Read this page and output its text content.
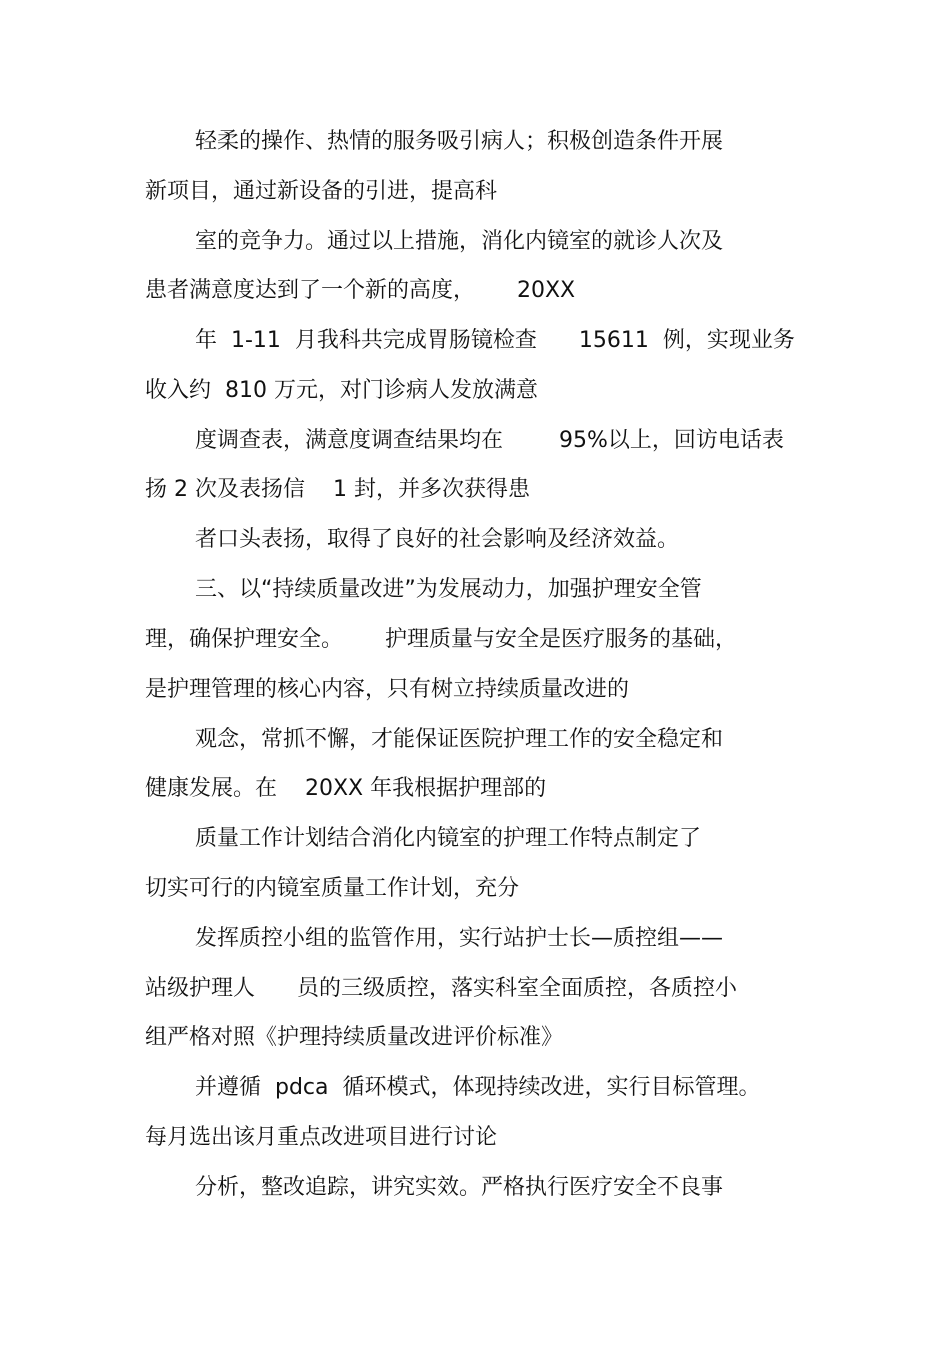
轻柔的操作、热情的服务吸引病人；积极创造条件开展
新项目，通过新设备的引进，提高科
室的竞争力。通过以上措施，消化内镜室的就诊人次及
患者满意度达到了一个新的高度，      20XX
年  1-11  月我科共完成胃肠镜检查      15611  例，实现业务
收入约  810 万元，对门诊病人发放满意
度调查表，满意度调查结果均在        95%以上，回访电话表
扬 2 次及表扬信    1 封，并多次获得患
者口头表扬，取得了良好的社会影响及经济效益。
三、以“持续质量改进”为发展动力，加强护理安全管
理，确保护理安全。      护理质量与安全是医疗服务的基础，
是护理管理的核心内容，只有树立持续质量改进的
观念，常抓不懈，才能保证医院护理工作的安全稳定和
健康发展。在    20XX 年我根据护理部的
质量工作计划结合消化内镜室的护理工作特点制定了
切实可行的内镜室质量工作计划，充分
发挥质控小组的监管作用，实行站护士长—质控组——
站级护理人      员的三级质控，落实科室全面质控，各质控小
组严格对照《护理持续质量改进评价标准》
并遵循  pdca  循环模式，体现持续改进，实行目标管理。
每月选出该月重点改进项目进行讨论
分析，整改追踪，讲究实效。严格执行医疗安全不良事
